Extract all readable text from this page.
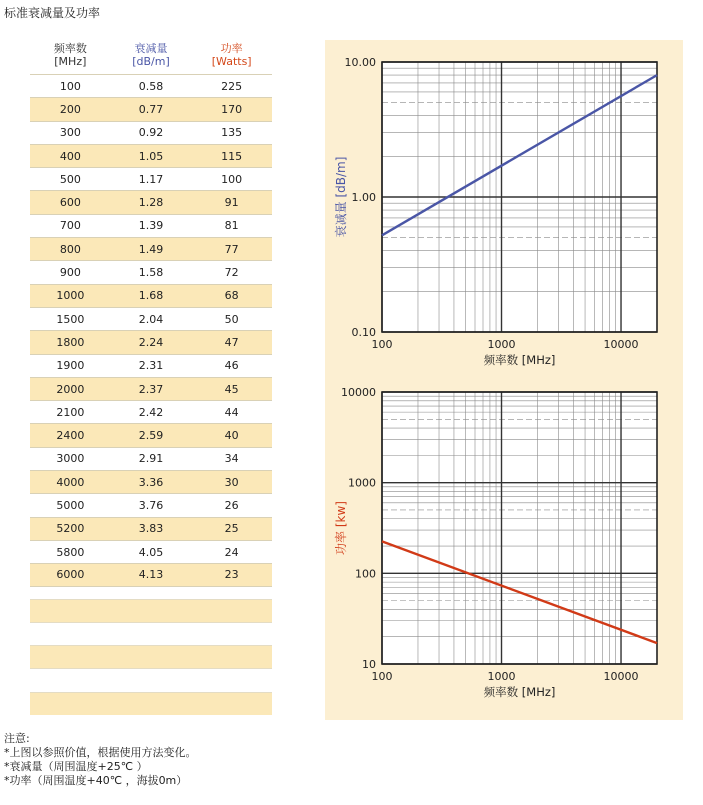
标准衰减量及功率
频率数
[MHz]
衰减量
[dB/m]
功率
[Watts]
100	0.58	225
200	0.77	170
300	0.92	135
400	1.05	115
500	1.17	100
600	1.28	91
700	1.39	81
800	1.49	77
900	1.58	72
1000	1.68	68
1500	2.04	50
1800	2.24	47
1900	2.31	46
2000	2.37	45
2100	2.42	44
2400	2.59	40
3000	2.91	34
4000	3.36	30
5000	3.76	26
5200	3.83	25
5800	4.05	24
6000	4.13	23
100	1000	10000
10.00
1.00
0.10
频率数 [MHz]
衰减量 [dB/m]
100	1000	10000
10000
1000
100
10
频率数 [MHz]
功率 [kw]
注意:
*上图以参照价值，根据使用方法变化。
*衰减量（周围温度+25℃ ）
*功率（周围温度+40℃ ，海拔0m）
